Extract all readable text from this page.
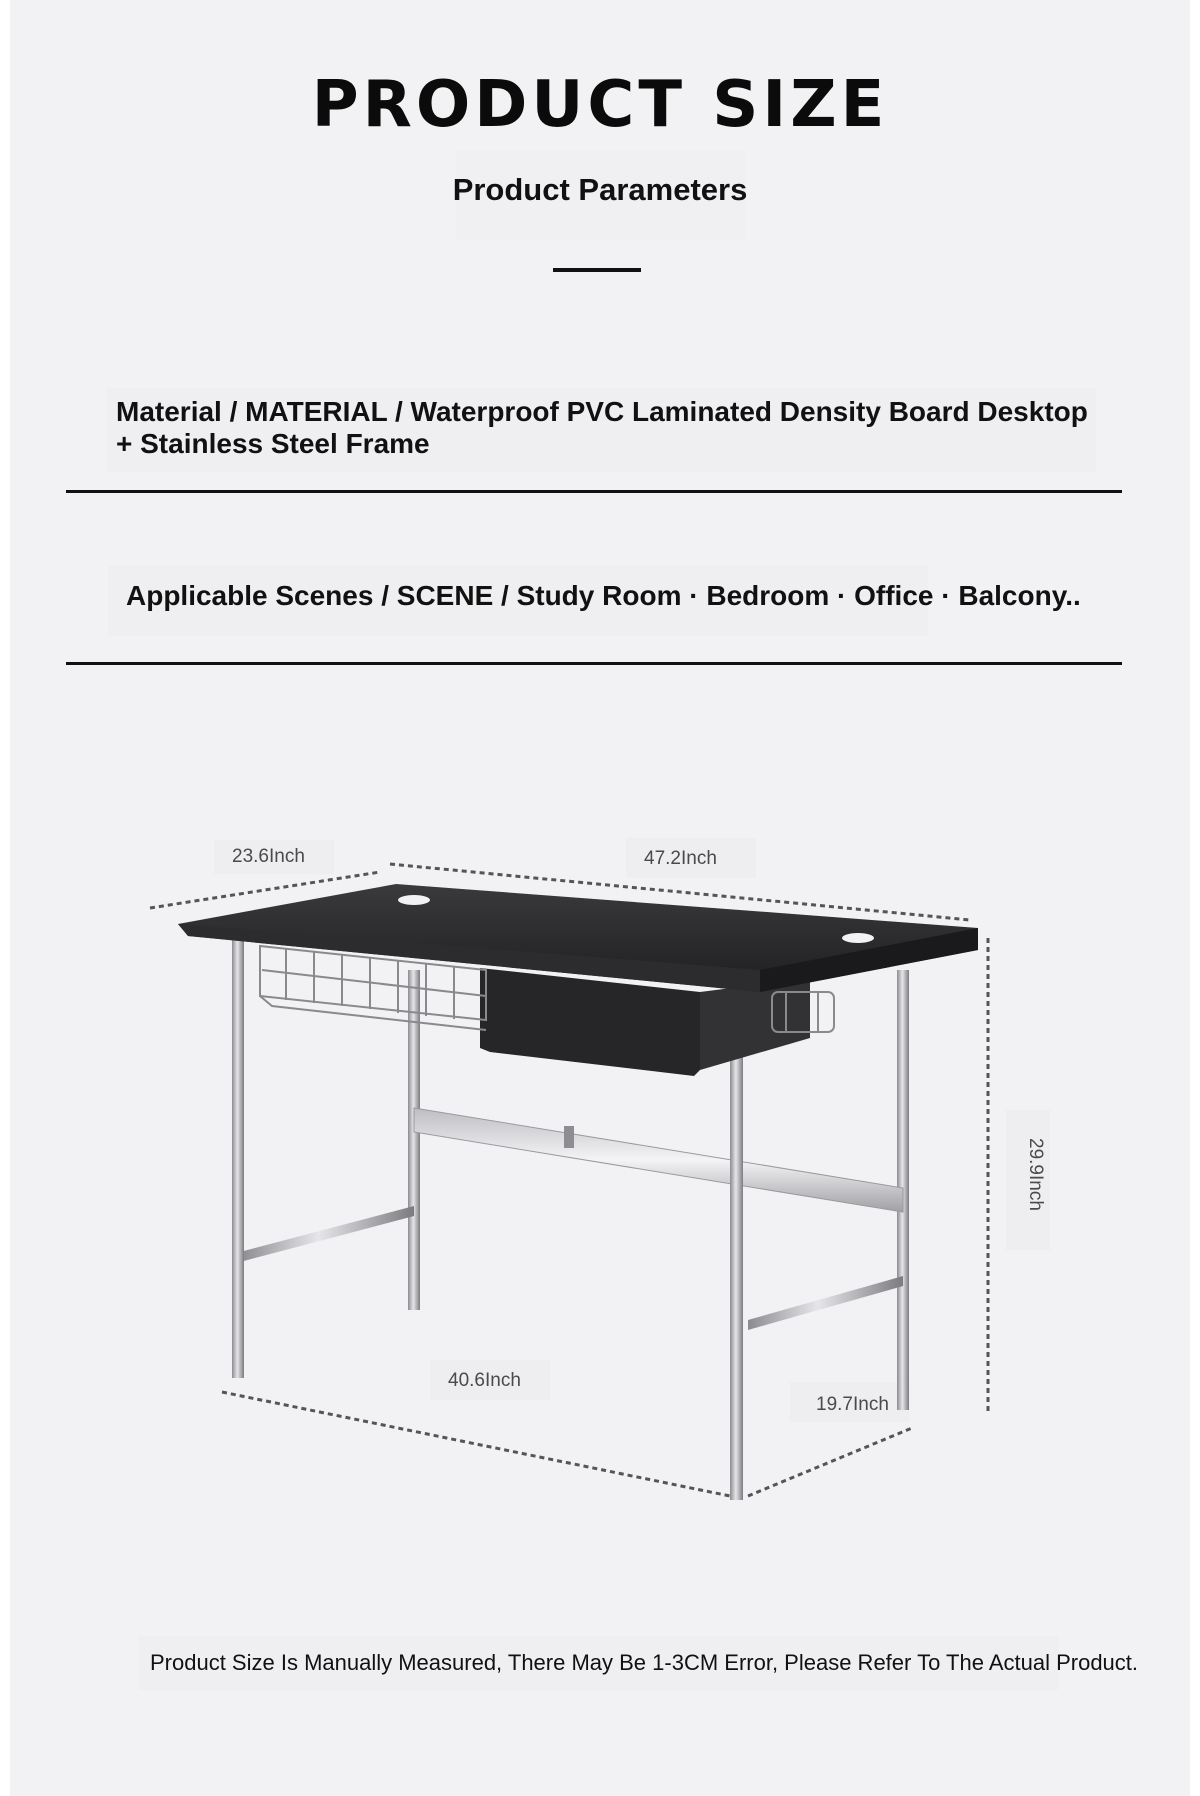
PRODUCT SIZE
Product Parameters
Material / MATERIAL / Waterproof PVC Laminated Density Board Desktop
+ Stainless Steel Frame
Applicable Scenes / SCENE / Study Room · Bedroom · Office · Balcony..
23.6Inch	47.2Inch
29.9Inch
40.6Inch
19.7Inch
Product Size Is Manually Measured, There May Be 1-3CM Error, Please Refer To The Actual Product.
